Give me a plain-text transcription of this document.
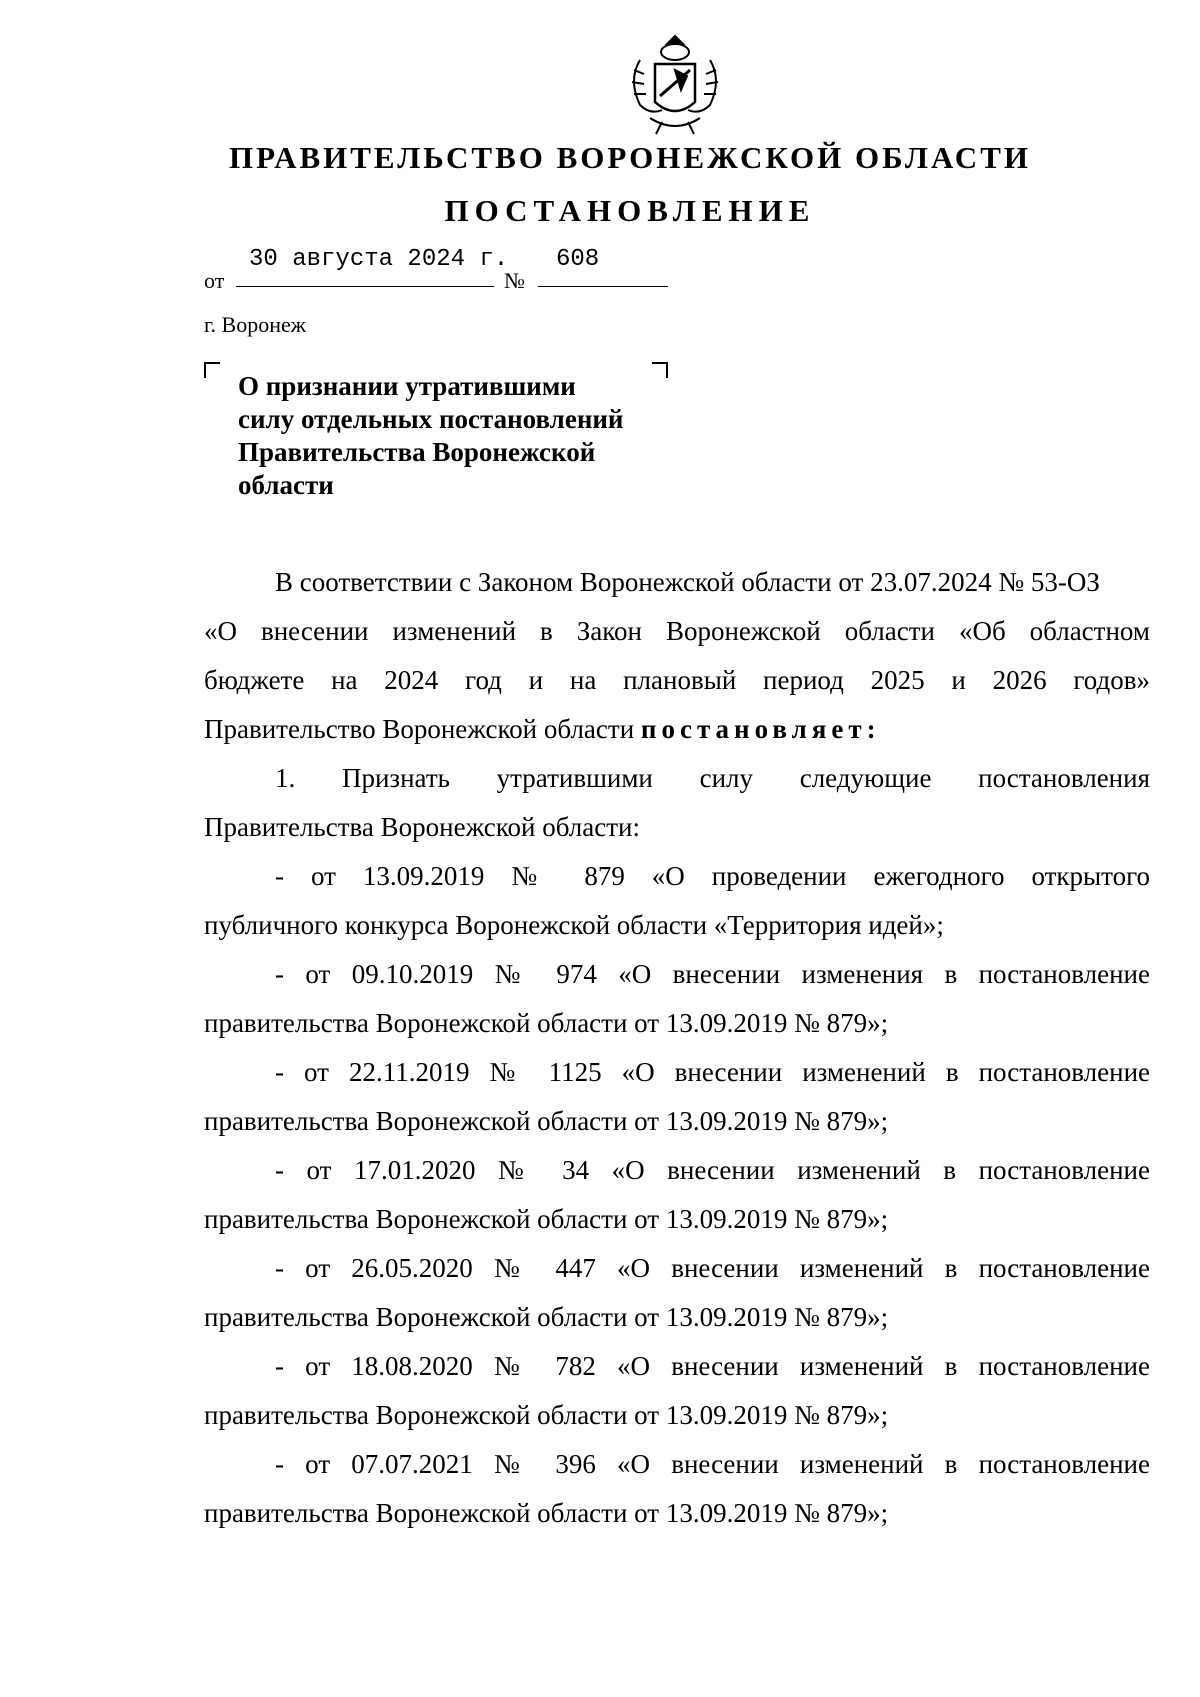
ПРАВИТЕЛЬСТВО ВОРОНЕЖСКОЙ ОБЛАСТИ
ПОСТАНОВЛЕНИЕ
от
30 августа 2024 г.
№
608
г. Воронеж
О признании утратившими
силу отдельных постановлений
Правительства Воронежской
области
В соответствии с Законом Воронежской области от 23.07.2024 № 53-ОЗ
«О внесении изменений в Закон Воронежской области «Об областном
бюджете на 2024 год и на плановый период 2025 и 2026 годов»
Правительство Воронежской области постановляет:
1. Признать утратившими силу следующие постановления
Правительства Воронежской области:
- от 13.09.2019 № 879 «О проведении ежегодного открытого
публичного конкурса Воронежской области «Территория идей»;
- от 09.10.2019 № 974 «О внесении изменения в постановление
правительства Воронежской области от 13.09.2019 № 879»;
- от 22.11.2019 № 1125 «О внесении изменений в постановление
правительства Воронежской области от 13.09.2019 № 879»;
- от 17.01.2020 № 34 «О внесении изменений в постановление
правительства Воронежской области от 13.09.2019 № 879»;
- от 26.05.2020 № 447 «О внесении изменений в постановление
правительства Воронежской области от 13.09.2019 № 879»;
- от 18.08.2020 № 782 «О внесении изменений в постановление
правительства Воронежской области от 13.09.2019 № 879»;
- от 07.07.2021 № 396 «О внесении изменений в постановление
правительства Воронежской области от 13.09.2019 № 879»;
